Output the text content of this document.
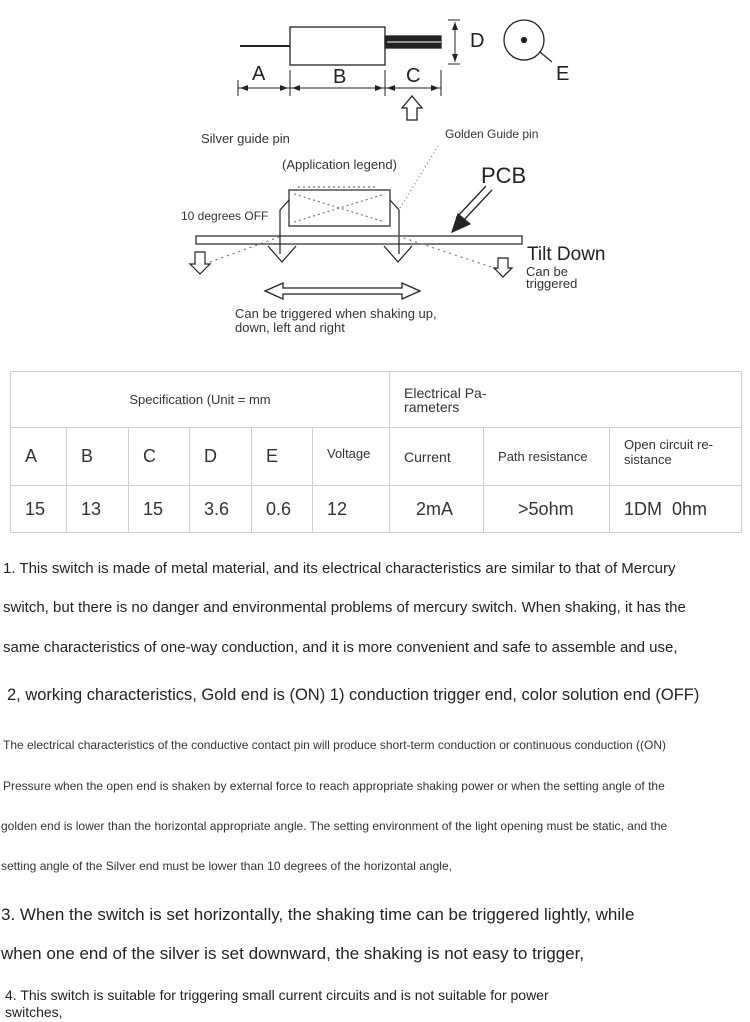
A	B	C
D
E
Silver guide pin	Golden Guide pin
(Application legend)
10 degrees OFF
PCB
Tilt Down
Can be
triggered
Can be triggered when shaking up,
down, left and right
Specification (Unit = mm						Electrical Pa-
rameters		
A	B	C	D	E	Voltage	Current	Path resistance	Open circuit re-
sistance
15	13	15	3.6	0.6	12	2mA	>5ohm	1DM  0hm
1. This switch is made of metal material, and its electrical characteristics are similar to that of Mercury
switch, but there is no danger and environmental problems of mercury switch. When shaking, it has the
same characteristics of one-way conduction, and it is more convenient and safe to assemble and use,
2, working characteristics, Gold end is (ON) 1) conduction trigger end, color solution end (OFF)
The electrical characteristics of the conductive contact pin will produce short-term conduction or continuous conduction ((ON)
Pressure when the open end is shaken by external force to reach appropriate shaking power or when the setting angle of the
golden end is lower than the horizontal appropriate angle. The setting environment of the light opening must be static, and the
setting angle of the Silver end must be lower than 10 degrees of the horizontal angle,
3. When the switch is set horizontally, the shaking time can be triggered lightly, while
when one end of the silver is set downward, the shaking is not easy to trigger,
4. This switch is suitable for triggering small current circuits and is not suitable for power
switches,
